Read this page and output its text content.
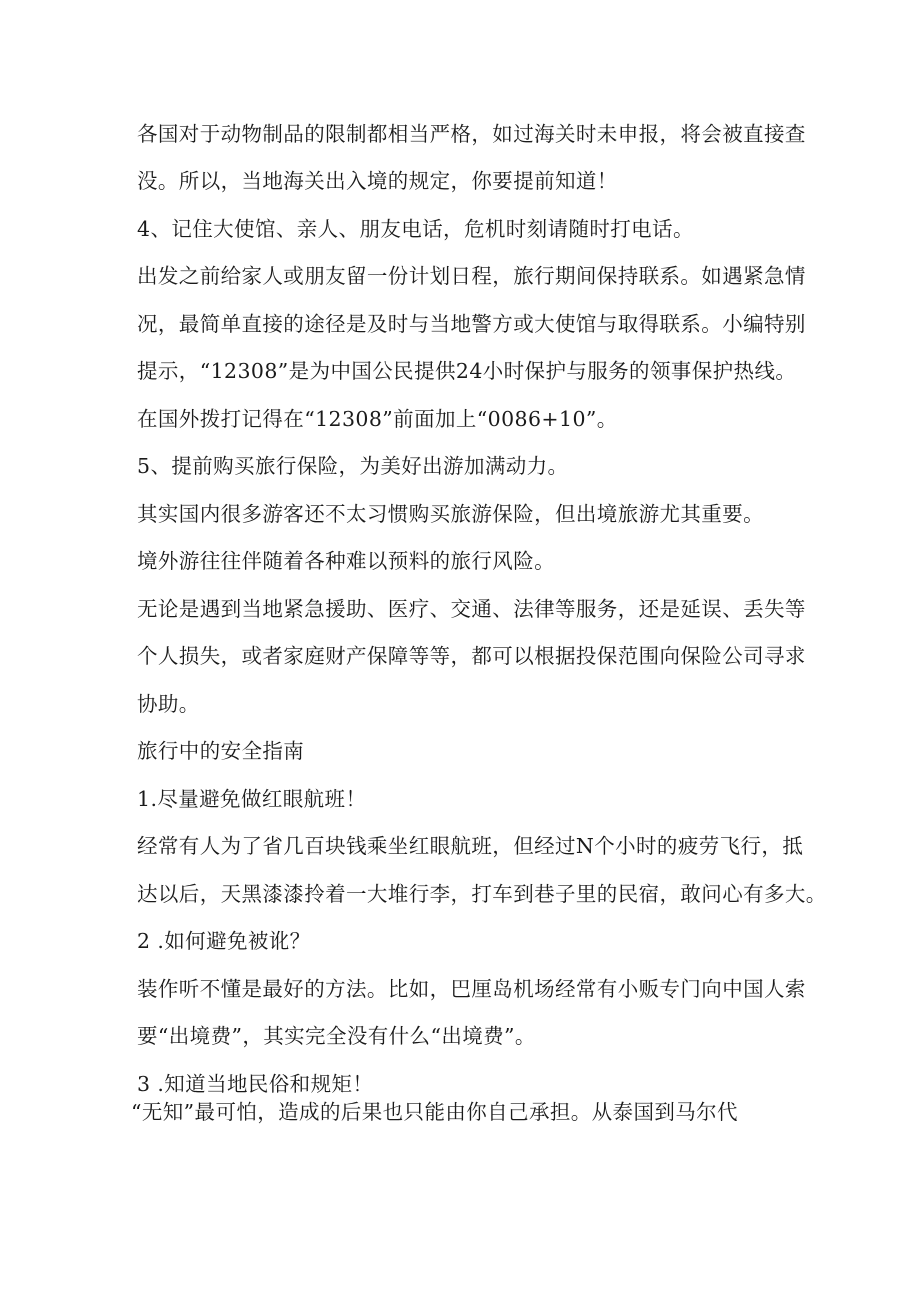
各国对于动物制品的限制都相当严格，如过海关时未申报，将会被直接查
没。所以，当地海关出入境的规定，你要提前知道！
4、记住大使馆、亲人、朋友电话，危机时刻请随时打电话。
出发之前给家人或朋友留一份计划日程，旅行期间保持联系。如遇紧急情
况，最简单直接的途径是及时与当地警方或大使馆与取得联系。小编特别
提示，“12308”是为中国公民提供24小时保护与服务的领事保护热线。
在国外拨打记得在“12308”前面加上“0086+10”。
5、提前购买旅行保险，为美好出游加满动力。
其实国内很多游客还不太习惯购买旅游保险，但出境旅游尤其重要。
境外游往往伴随着各种难以预料的旅行风险。
无论是遇到当地紧急援助、医疗、交通、法律等服务，还是延误、丢失等
个人损失，或者家庭财产保障等等，都可以根据投保范围向保险公司寻求
协助。
旅行中的安全指南
1.尽量避免做红眼航班！
经常有人为了省几百块钱乘坐红眼航班，但经过N个小时的疲劳飞行，抵
达以后，天黑漆漆拎着一大堆行李，打车到巷子里的民宿，敢问心有多大。
2 .如何避免被讹？
装作听不懂是最好的方法。比如，巴厘岛机场经常有小贩专门向中国人索
要“出境费”，其实完全没有什么“出境费”。
3 .知道当地民俗和规矩！
“无知”最可怕，造成的后果也只能由你自己承担。从泰国到马尔代
